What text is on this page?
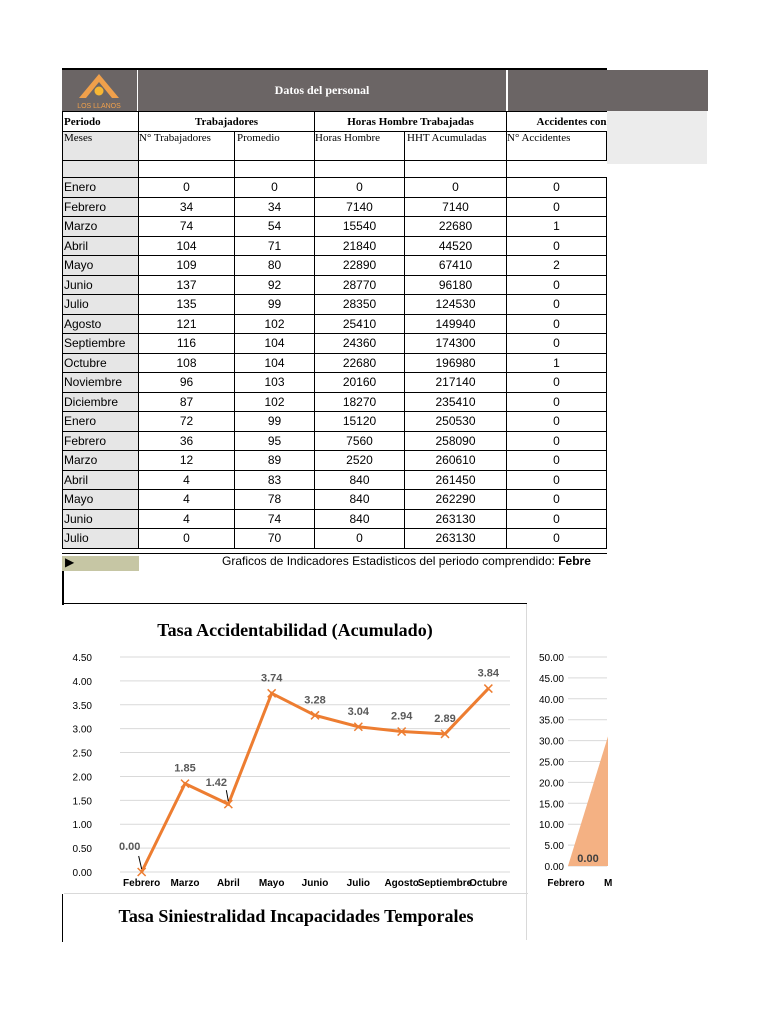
LOS LLANOS
Datos del personal
Periodo	Trabajadores		Horas Hombre Trabajadas		Accidentes con
Meses	N° Trabajadores	Promedio	Horas Hombre	HHT Acumuladas	N° Accidentes

Enero	0	0	0	0	0
Febrero	34	34	7140	7140	0
Marzo	74	54	15540	22680	1
Abril	104	71	21840	44520	0
Mayo	109	80	22890	67410	2
Junio	137	92	28770	96180	0
Julio	135	99	28350	124530	0
Agosto	121	102	25410	149940	0
Septiembre	116	104	24360	174300	0
Octubre	108	104	22680	196980	1
Noviembre	96	103	20160	217140	0
Diciembre	87	102	18270	235410	0
Enero	72	99	15120	250530	0
Febrero	36	95	7560	258090	0
Marzo	12	89	2520	260610	0
Abril	4	83	840	261450	0
Mayo	4	78	840	262290	0
Junio	4	74	840	263130	0
Julio	0	70	0	263130	0
▶	Graficos de Indicadores Estadisticos del periodo comprendido: Febre
Tasa Accidentabilidad (Acumulado)
0.00
0.50
1.00
1.50
2.00
2.50
3.00
3.50
4.00
4.50
Febrero Marzo Abril Mayo Junio Julio Agosto
Septiembre
Octubre
0.00
1.85
1.42
3.74
3.28
3.04 2.94 2.89
3.84
0.00
5.00
10.00
15.00
20.00
25.00
30.00
35.00
40.00
45.00
50.00
0.00
Febrero M
Tasa Siniestralidad Incapacidades Temporales
